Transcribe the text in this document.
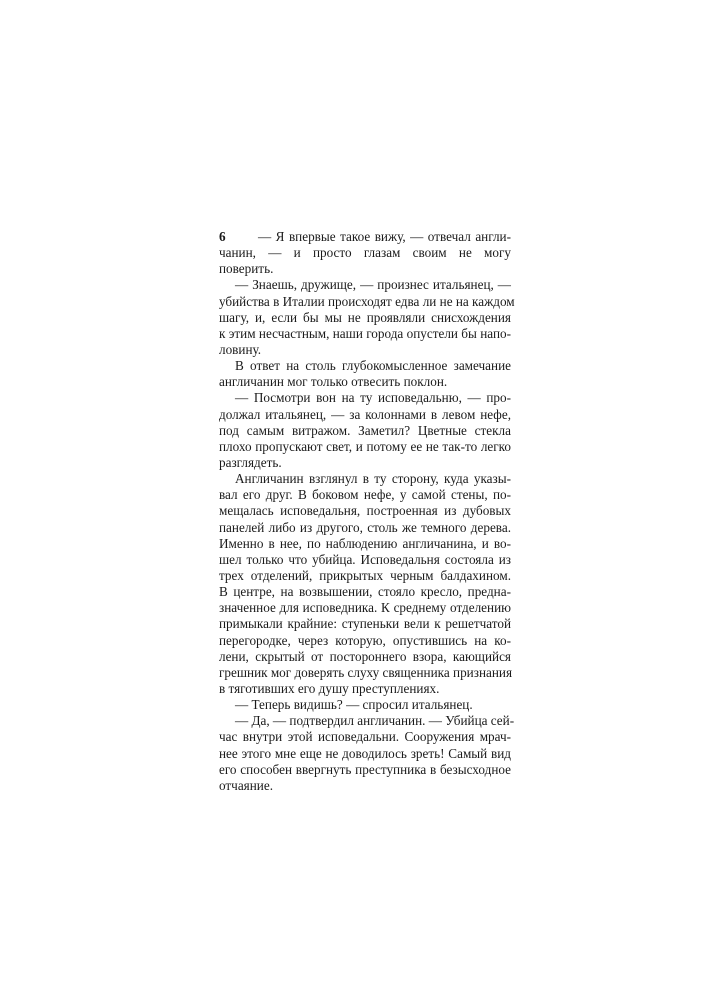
6	— Я впервые такое вижу, — отвечал англи-
чанин, — и просто глазам своим не могу
поверить.
— Знаешь, дружище, — произнес итальянец, —
убийства в Италии происходят едва ли не на каждом
шагу, и, если бы мы не проявляли снисхождения
к этим несчастным, наши города опустели бы напо-
ловину.
В ответ на столь глубокомысленное замечание
англичанин мог только отвесить поклон.
— Посмотри вон на ту исповедальню, — про-
должал итальянец, — за колоннами в левом нефе,
под самым витражом. Заметил? Цветные стекла
плохо пропускают свет, и потому ее не так-то легко
разглядеть.
Англичанин взглянул в ту сторону, куда указы-
вал его друг. В боковом нефе, у самой стены, по-
мещалась исповедальня, построенная из дубовых
панелей либо из другого, столь же темного дерева.
Именно в нее, по наблюдению англичанина, и во-
шел только что убийца. Исповедальня состояла из
трех отделений, прикрытых черным балдахином.
В центре, на возвышении, стояло кресло, предна-
значенное для исповедника. К среднему отделению
примыкали крайние: ступеньки вели к решетчатой
перегородке, через которую, опустившись на ко-
лени, скрытый от постороннего взора, кающийся
грешник мог доверять слуху священника признания
в тяготивших его душу преступлениях.
— Теперь видишь? — спросил итальянец.
— Да, — подтвердил англичанин. — Убийца сей-
час внутри этой исповедальни. Сооружения мрач-
нее этого мне еще не доводилось зреть! Самый вид
его способен ввергнуть преступника в безысходное
отчаяние.
